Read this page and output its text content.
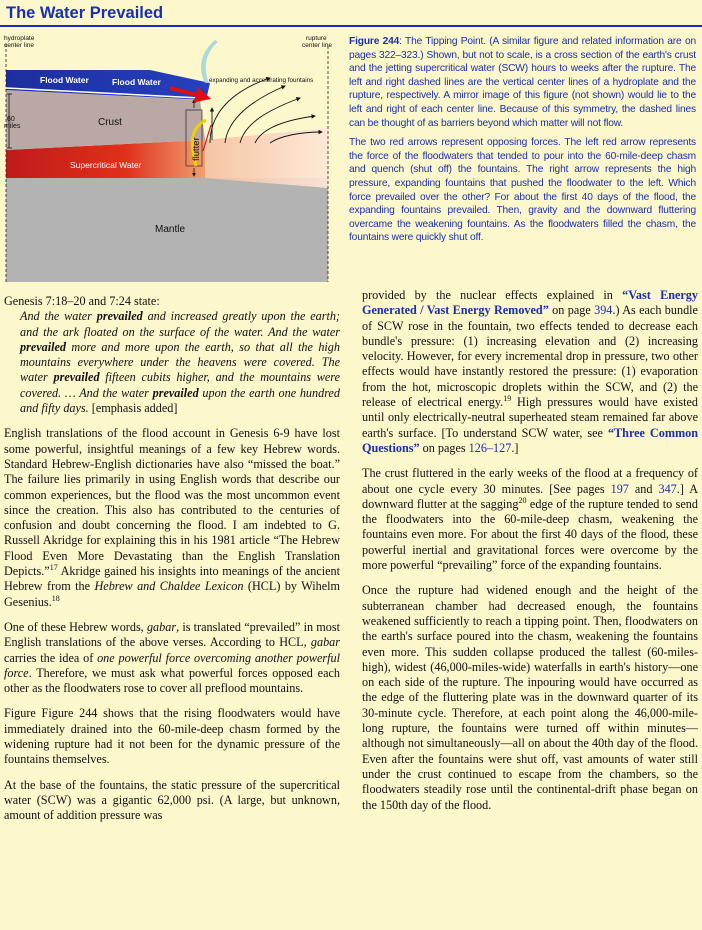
The Water Prevailed
hydroplate
center line
rupture
center line
Flood Water	Flood Water	expanding and accelerating fountains
60
miles	Crust
flutter
Supercritical Water
Mantle

Figure 244: The Tipping Point. (A similar figure and related information are on pages 322–323.) Shown, but not to scale, is a cross section of the earth's crust and the jetting supercritical water (SCW) hours to weeks after the rupture. The left and right dashed lines are the vertical center lines of a hydroplate and the rupture, respectively. A mirror image of this figure (not shown) would lie to the left and right of each center line. Because of this symmetry, the dashed lines can be thought of as barriers beyond which matter will not flow.

The two red arrows represent opposing forces. The left red arrow represents the force of the floodwaters that tended to pour into the 60-mile-deep chasm and quench (shut off) the fountains. The right arrow represents the high pressure, expanding fountains that pushed the floodwater to the left. Which force prevailed over the other? For about the first 40 days of the flood, the expanding fountains prevailed. Then, gravity and the downward fluttering overcame the weakening fountains. As the floodwaters filled the chasm, the fountains were quickly shut off.

Genesis 7:18–20 and 7:24 state:

And the water prevailed and increased greatly upon the earth; and the ark floated on the surface of the water. And the water prevailed more and more upon the earth, so that all the high mountains everywhere under the heavens were covered. The water prevailed fifteen cubits higher, and the mountains were covered. … And the water prevailed upon the earth one hundred and fifty days. [emphasis added]

English translations of the flood account in Genesis 6-9 have lost some powerful, insightful meanings of a few key Hebrew words. Standard Hebrew-English dictionaries have also “missed the boat.” The failure lies primarily in using English words that describe our common experiences, but the flood was the most uncommon event since the creation. This also has contributed to the centuries of confusion and doubt concerning the flood. I am indebted to G. Russell Akridge for explaining this in his 1981 article “The Hebrew Flood Even More Devastating than the English Translation Depicts.”$^{17}$ Akridge gained his insights into meanings of the ancient Hebrew from the Hebrew and Chaldee Lexicon (HCL) by Wihelm Gesenius.$^{18}$

One of these Hebrew words, gabar, is translated “prevailed” in most English translations of the above verses. According to HCL, gabar carries the idea of one powerful force overcoming another powerful force. Therefore, we must ask what powerful forces opposed each other as the floodwaters rose to cover all preflood mountains.

Figure Figure 244 shows that the rising floodwaters would have immediately drained into the 60-mile-deep chasm formed by the widening rupture had it not been for the dynamic pressure of the fountains themselves.

At the base of the fountains, the static pressure of the supercritical water (SCW) was a gigantic 62,000 psi. (A large, but unknown, amount of addition pressure was

provided by the nuclear effects explained in “Vast Energy Generated / Vast Energy Removed” on page 394.) As each bundle of SCW rose in the fountain, two effects tended to decrease each bundle's pressure: (1) increasing elevation and (2) increasing velocity. However, for every incremental drop in pressure, two other effects would have instantly restored the pressure: (1) evaporation from the hot, microscopic droplets within the SCW, and (2) the release of electrical energy.$^{19}$ High pressures would have existed until only electrically-neutral superheated steam remained far above earth's surface. [To understand SCW water, see “Three Common Questions” on pages 126–127.]

The crust fluttered in the early weeks of the flood at a frequency of about one cycle every 30 minutes. [See pages 197 and 347.] A downward flutter at the sagging$^{20}$ edge of the rupture tended to send the floodwaters into the 60-mile-deep chasm, weakening the fountains even more. For about the first 40 days of the flood, these powerful inertial and gravitational forces were overcome by the more powerful “prevailing” force of the expanding fountains.

Once the rupture had widened enough and the height of the subterranean chamber had decreased enough, the fountains weakened sufficiently to reach a tipping point. Then, floodwaters on the earth's surface poured into the chasm, weakening the fountains even more. This sudden collapse produced the tallest (60-miles-high), widest (46,000-miles-wide) waterfalls in earth's history—one on each side of the rupture. The inpouring would have occurred as the edge of the fluttering plate was in the downward quarter of its 30-minute cycle. Therefore, at each point along the 46,000-mile-long rupture, the fountains were turned off within minutes—although not simultaneously—all on about the 40th day of the flood. Even after the fountains were shut off, vast amounts of water still under the crust continued to escape from the chambers, so the floodwaters steadily rose until the continental-drift phase began on the 150th day of the flood.
